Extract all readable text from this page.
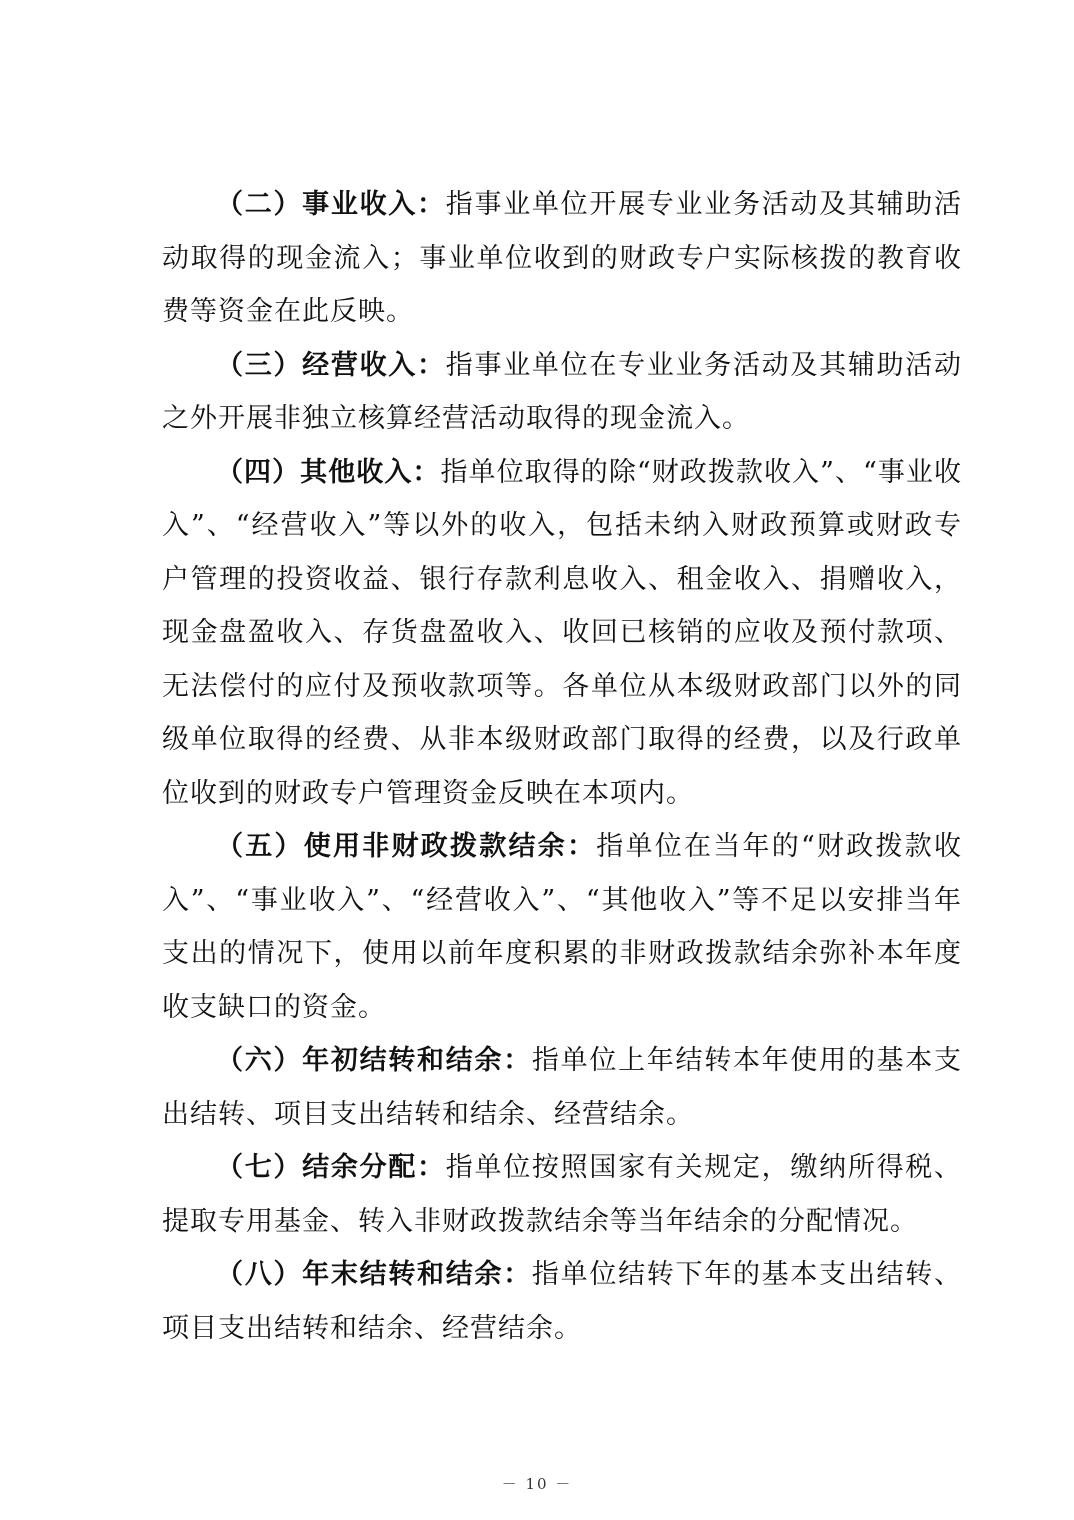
（二）事业收入：指事业单位开展专业业务活动及其辅助活动取得的现金流入；事业单位收到的财政专户实际核拨的教育收费等资金在此反映。

（三）经营收入：指事业单位在专业业务活动及其辅助活动之外开展非独立核算经营活动取得的现金流入。

（四）其他收入：指单位取得的除“财政拨款收入”、“事业收入”、“经营收入”等以外的收入，包括未纳入财政预算或财政专户管理的投资收益、银行存款利息收入、租金收入、捐赠收入，现金盘盈收入、存货盘盈收入、收回已核销的应收及预付款项、无法偿付的应付及预收款项等。各单位从本级财政部门以外的同级单位取得的经费、从非本级财政部门取得的经费，以及行政单位收到的财政专户管理资金反映在本项内。

（五）使用非财政拨款结余：指单位在当年的“财政拨款收入”、“事业收入”、“经营收入”、“其他收入”等不足以安排当年支出的情况下，使用以前年度积累的非财政拨款结余弥补本年度收支缺口的资金。

（六）年初结转和结余：指单位上年结转本年使用的基本支出结转、项目支出结转和结余、经营结余。

（七）结余分配：指单位按照国家有关规定，缴纳所得税、提取专用基金、转入非财政拨款结余等当年结余的分配情况。

（八）年末结转和结余：指单位结转下年的基本支出结转、项目支出结转和结余、经营结余。

－ 10 －
